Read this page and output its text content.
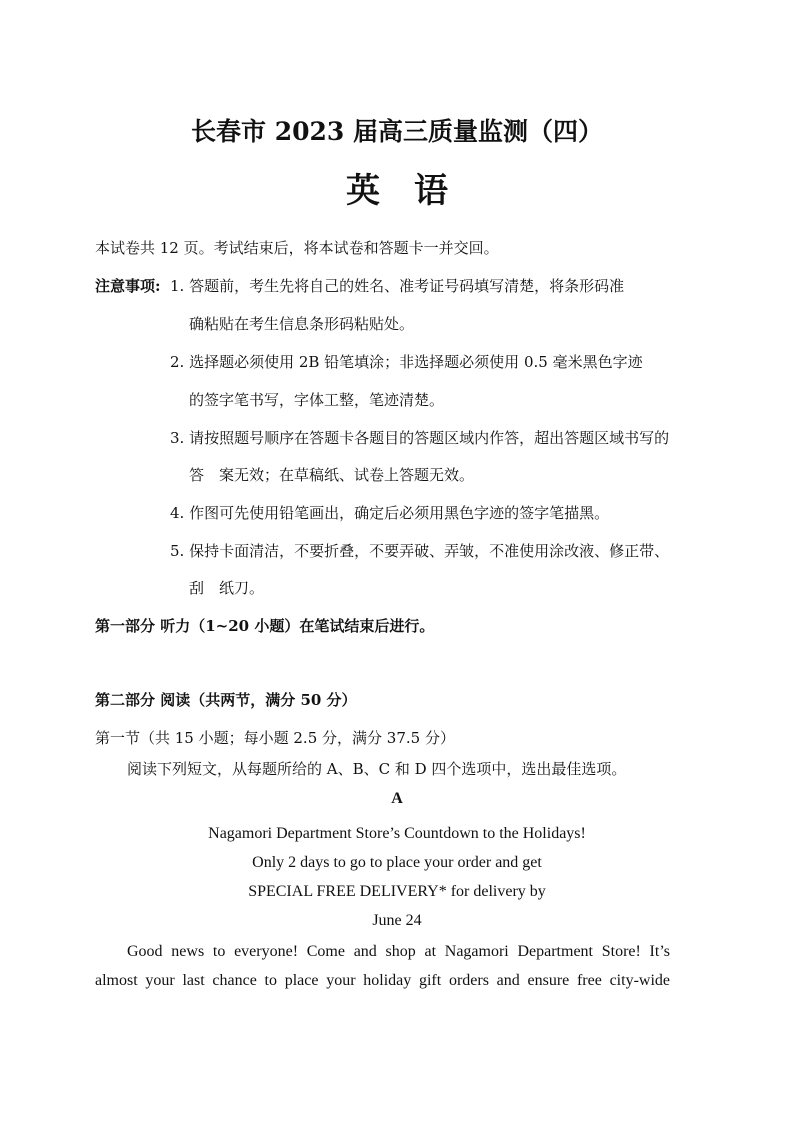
长春市 2023 届高三质量监测（四）
英语
本试卷共 12 页。考试结束后，将本试卷和答题卡一并交回。
注意事项: 1. 答题前，考生先将自己的姓名、准考证号码填写清楚，将条形码准
确粘贴在考生信息条形码粘贴处。
2. 选择题必须使用 2B 铅笔填涂；非选择题必须使用 0.5 毫米黑色字迹
的签字笔书写，字体工整，笔迹清楚。
3. 请按照题号顺序在答题卡各题目的答题区域内作答，超出答题区域书写的
答　案无效；在草稿纸、试卷上答题无效。
4. 作图可先使用铅笔画出，确定后必须用黑色字迹的签字笔描黑。
5. 保持卡面清洁，不要折叠，不要弄破、弄皱，不准使用涂改液、修正带、
刮　纸刀。
第一部分 听力（1~20 小题）在笔试结束后进行。
第二部分 阅读（共两节，满分 50 分）
第一节（共 15 小题；每小题 2.5 分，满分 37.5 分）
阅读下列短文，从每题所给的 A、B、C 和 D 四个选项中，选出最佳选项。
A
Nagamori Department Store’s Countdown to the Holidays!
Only 2 days to go to place your order and get
SPECIAL FREE DELIVERY* for delivery by
June 24
Good news to everyone! Come and shop at Nagamori Department Store! It’s
almost your last chance to place your holiday gift orders and ensure free city-wide
